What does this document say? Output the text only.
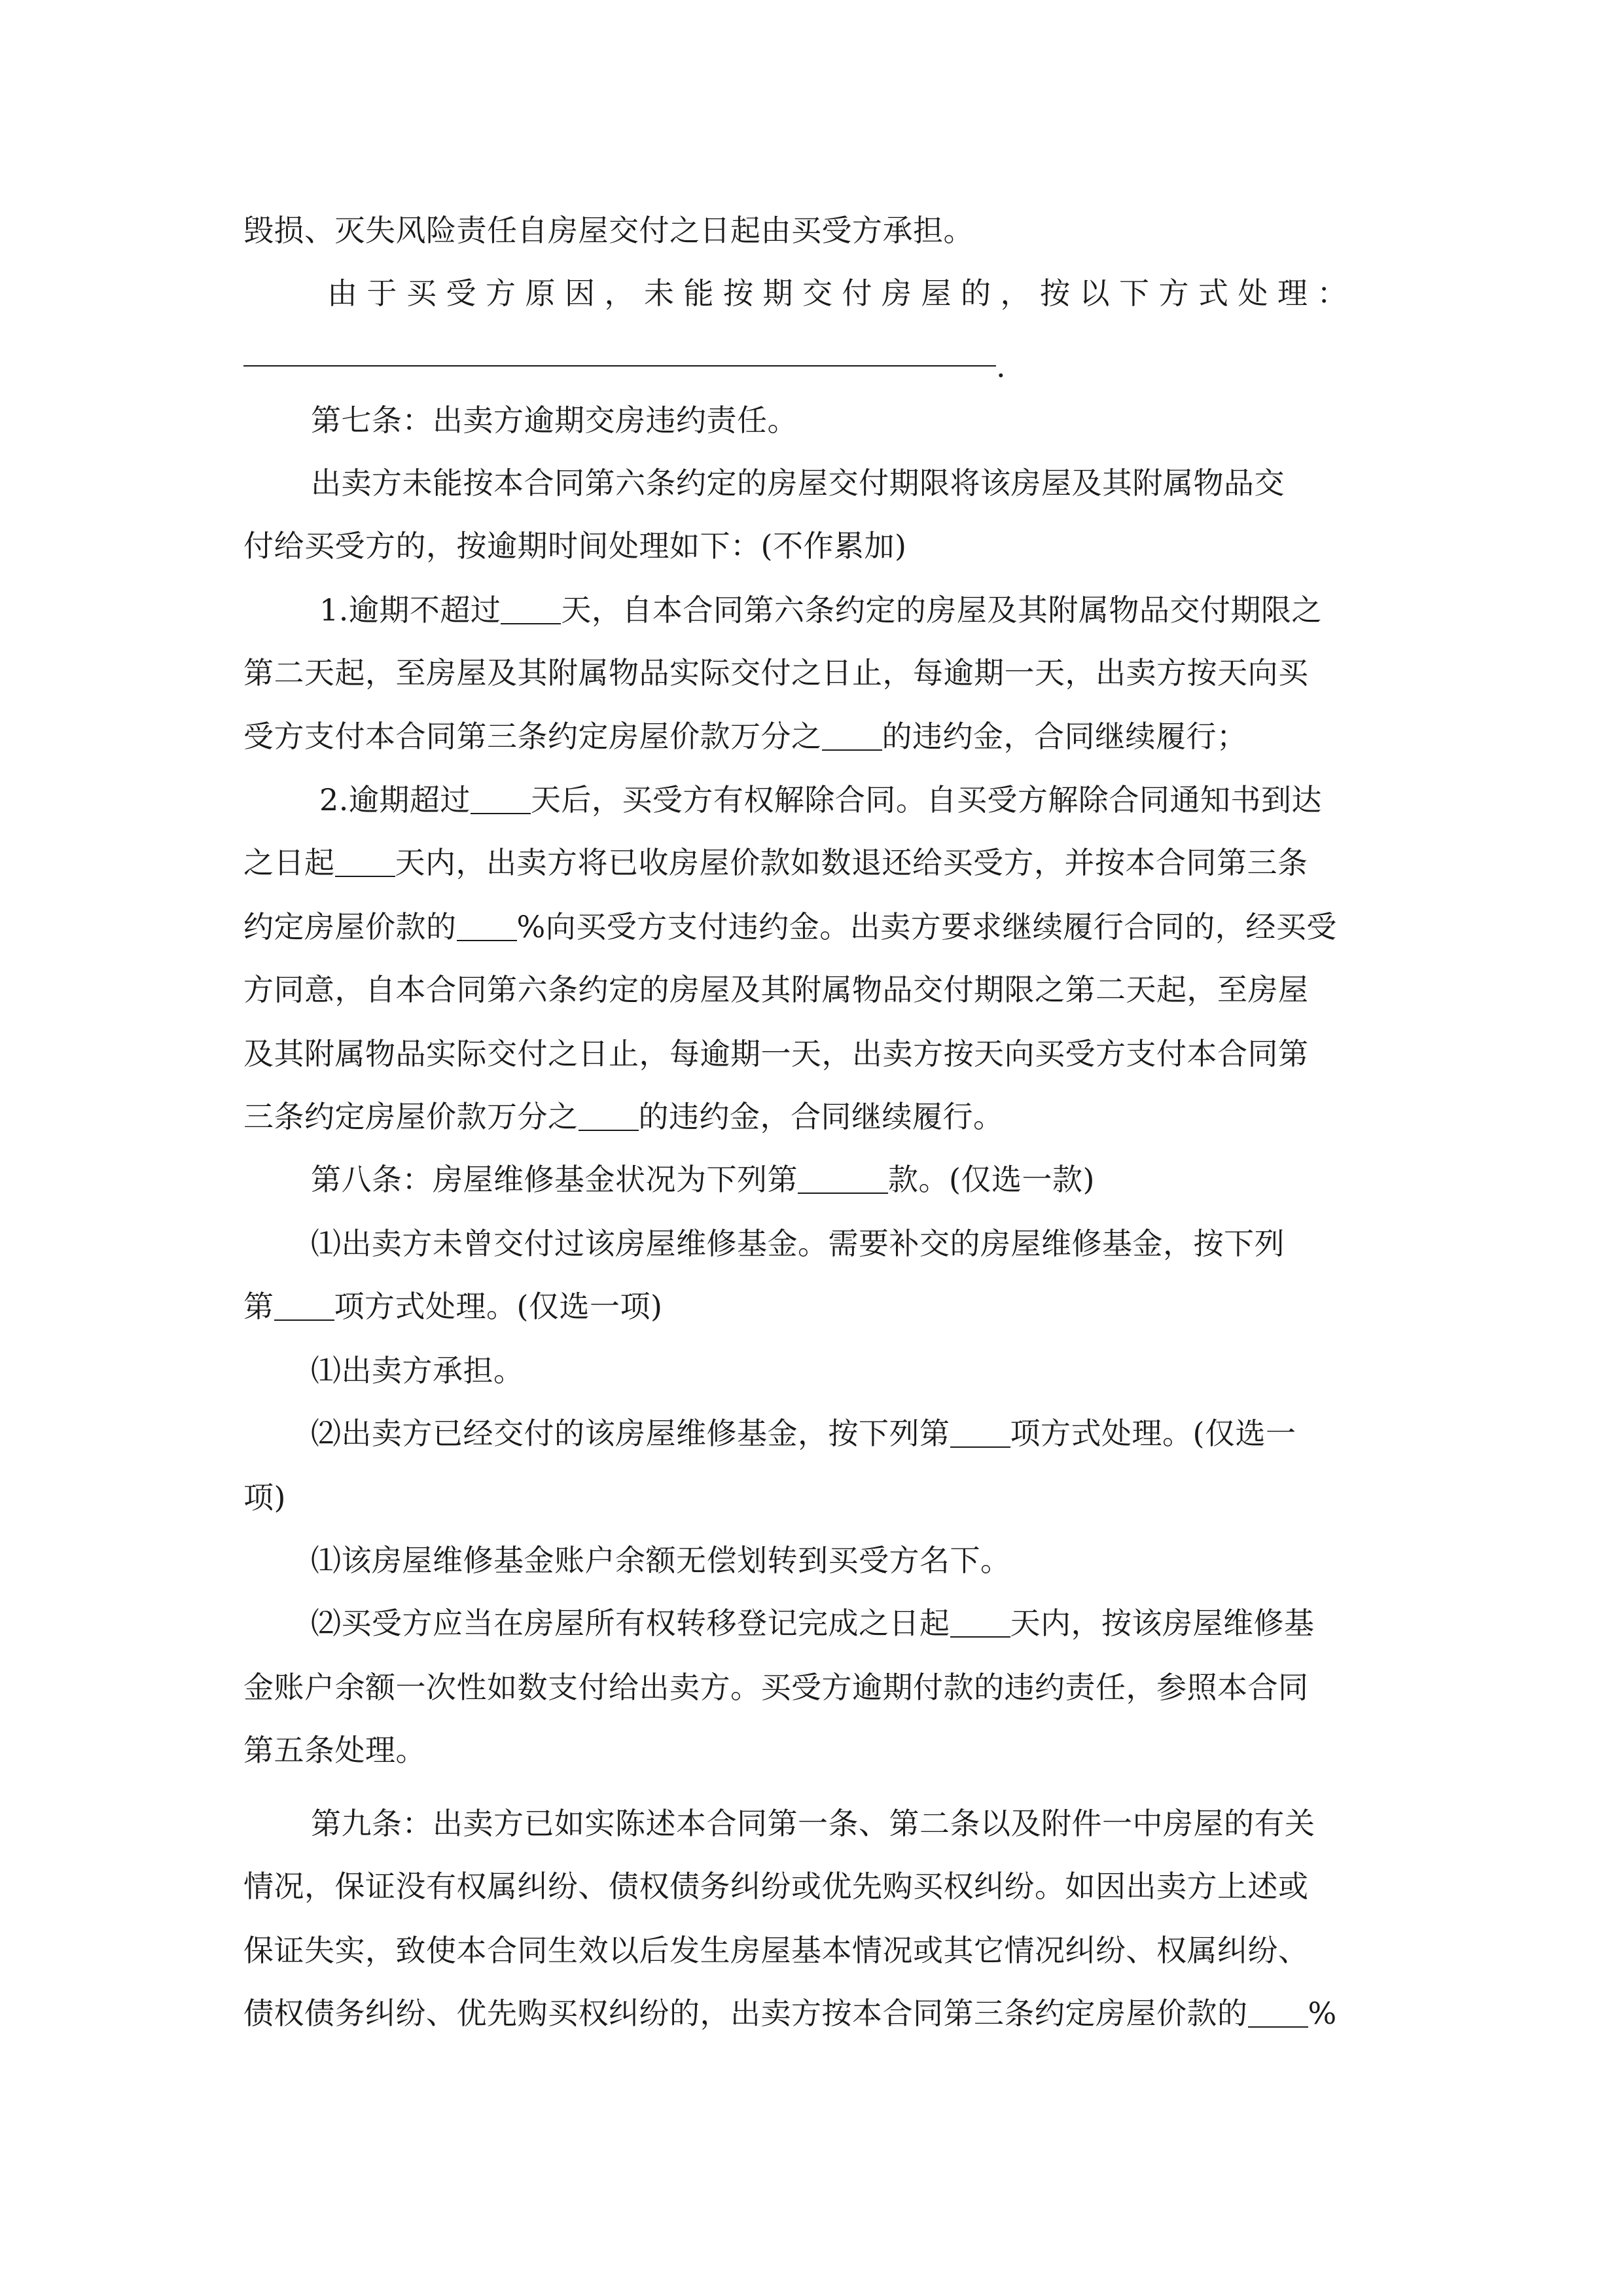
毁损、灭失风险责任自房屋交付之日起由买受方承担。
由于买受方原因，未能按期交付房屋的，按以下方式处理：
.
第七条：出卖方逾期交房违约责任。
出卖方未能按本合同第六条约定的房屋交付期限将该房屋及其附属物品交
付给买受方的，按逾期时间处理如下：(不作累加)
1.逾期不超过 天，自本合同第六条约定的房屋及其附属物品交付期限之
第二天起，至房屋及其附属物品实际交付之日止，每逾期一天，出卖方按天向买
受方支付本合同第三条约定房屋价款万分之 的违约金，合同继续履行；
2.逾期超过 天后，买受方有权解除合同。自买受方解除合同通知书到达
之日起 天内，出卖方将已收房屋价款如数退还给买受方，并按本合同第三条
约定房屋价款的 %向买受方支付违约金。出卖方要求继续履行合同的，经买受
方同意，自本合同第六条约定的房屋及其附属物品交付期限之第二天起，至房屋
及其附属物品实际交付之日止，每逾期一天，出卖方按天向买受方支付本合同第
三条约定房屋价款万分之 的违约金，合同继续履行。
第八条：房屋维修基金状况为下列第	款。(仅选一款)
⑴出卖方未曾交付过该房屋维修基金。需要补交的房屋维修基金，按下列
第 项方式处理。(仅选一项)
⑴出卖方承担。
⑵出卖方已经交付的该房屋维修基金，按下列第 项方式处理。(仅选一
项)
⑴该房屋维修基金账户余额无偿划转到买受方名下。
⑵买受方应当在房屋所有权转移登记完成之日起 天内，按该房屋维修基
金账户余额一次性如数支付给出卖方。买受方逾期付款的违约责任，参照本合同
第五条处理。
第九条：出卖方已如实陈述本合同第一条、第二条以及附件一中房屋的有关
情况，保证没有权属纠纷、债权债务纠纷或优先购买权纠纷。如因出卖方上述或
保证失实，致使本合同生效以后发生房屋基本情况或其它情况纠纷、权属纠纷、
债权债务纠纷、优先购买权纠纷的，出卖方按本合同第三条约定房屋价款的 %
